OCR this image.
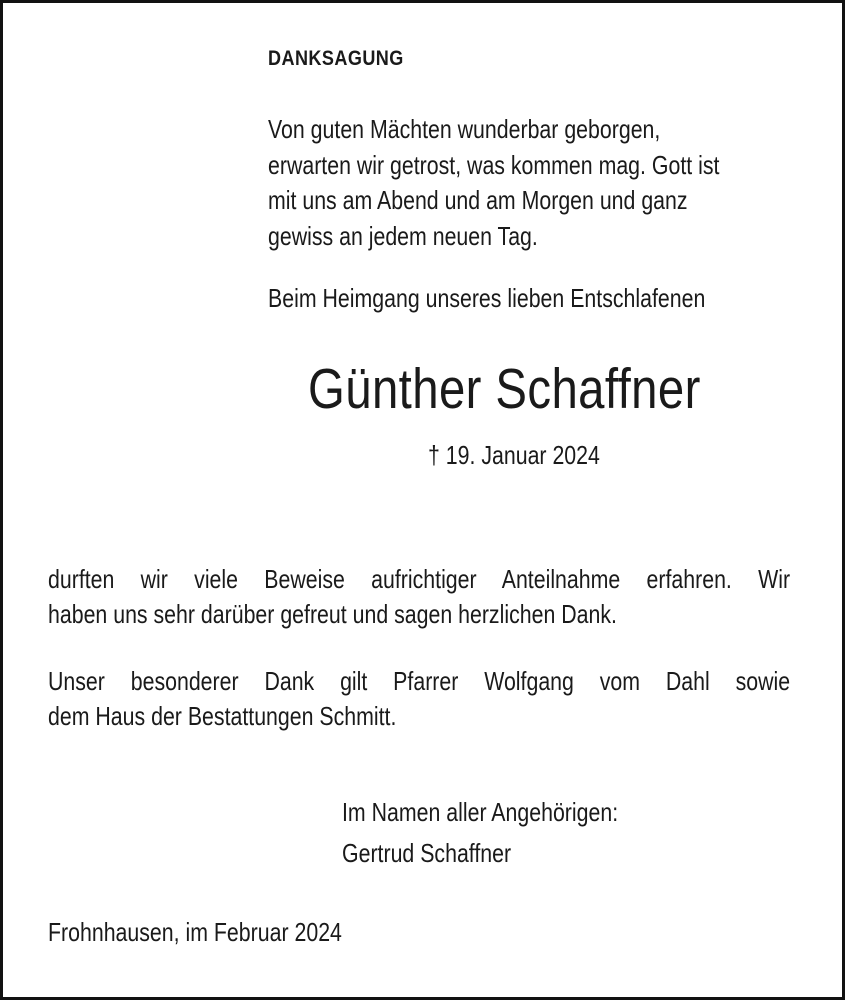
DANKSAGUNG
Von guten Mächten wunderbar geborgen,
erwarten wir getrost, was kommen mag. Gott ist
mit uns am Abend und am Morgen und ganz
gewiss an jedem neuen Tag.
Beim Heimgang unseres lieben Entschlafenen
Günther Schaffner
† 19. Januar 2024
durften wir viele Beweise aufrichtiger Anteilnahme erfahren. Wir
haben uns sehr darüber gefreut und sagen herzlichen Dank.
Unser besonderer Dank gilt Pfarrer Wolfgang vom Dahl sowie
dem Haus der Bestattungen Schmitt.
Im Namen aller Angehörigen:
Gertrud Schaffner
Frohnhausen, im Februar 2024
